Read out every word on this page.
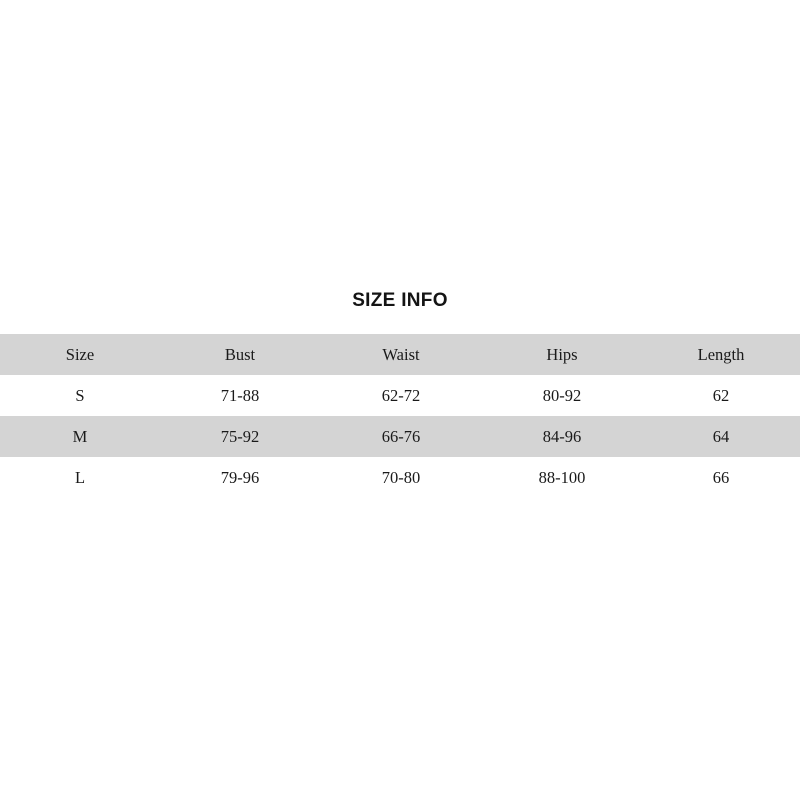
SIZE INFO
Size	Bust	Waist	Hips	Length
S	71-88	62-72	80-92	62
M	75-92	66-76	84-96	64
L	79-96	70-80	88-100	66
